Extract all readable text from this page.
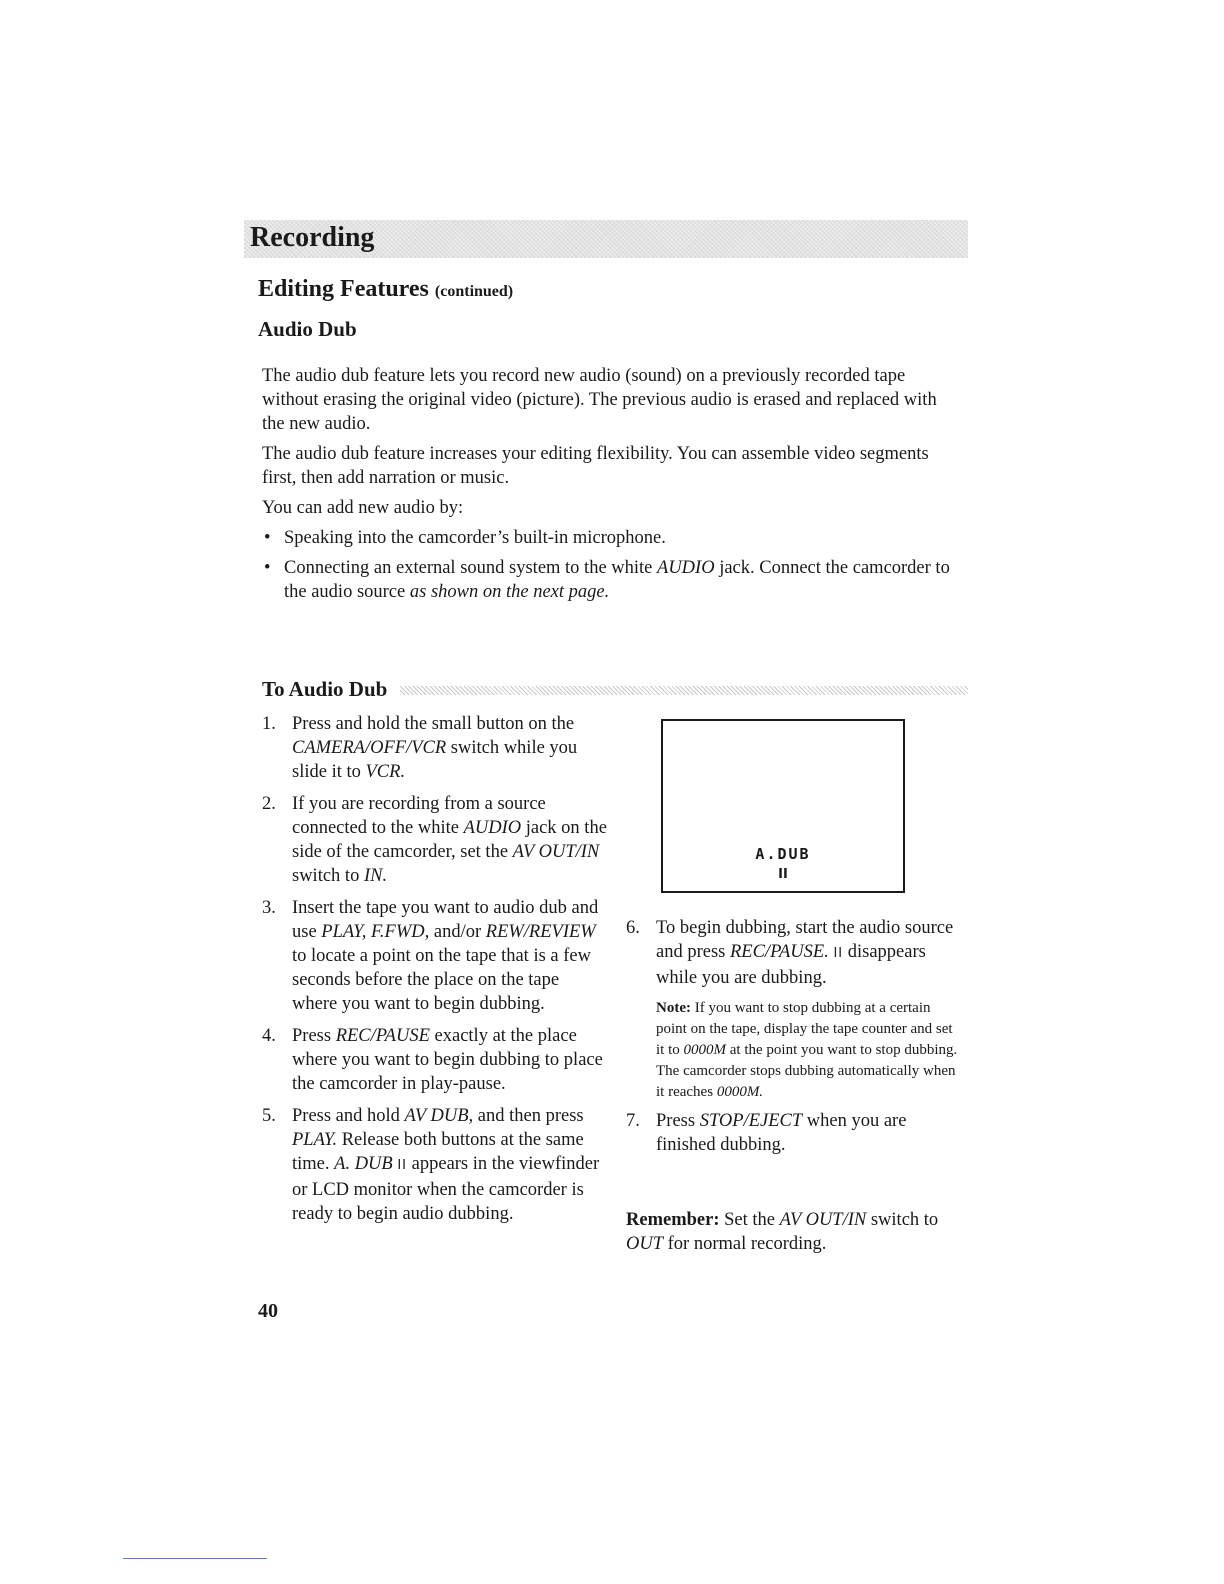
Recording
Editing Features (continued)
Audio Dub

The audio dub feature lets you record new audio (sound) on a previously recorded tape without erasing the original video (picture). The previous audio is erased and replaced with the new audio.

The audio dub feature increases your editing flexibility. You can assemble video segments first, then add narration or music.

You can add new audio by:

• Speaking into the camcorder’s built-in microphone.
• Connecting an external sound system to the white AUDIO jack. Connect the camcorder to the audio source as shown on the next page.
To Audio Dub
1. Press and hold the small button on the CAMERA/OFF/VCR switch while you slide it to VCR.
2. If you are recording from a source connected to the white AUDIO jack on the side of the camcorder, set the AV OUT/IN switch to IN.
3. Insert the tape you want to audio dub and use PLAY, F.FWD, and/or REW/REVIEW to locate a point on the tape that is a few seconds before the place on the tape where you want to begin dubbing.
4. Press REC/PAUSE exactly at the place where you want to begin dubbing to place the camcorder in play-pause.
5. Press and hold AV DUB, and then press PLAY. Release both buttons at the same time. A. DUB II appears in the viewfinder or LCD monitor when the camcorder is ready to begin audio dubbing.
A.DUB
II
6. To begin dubbing, start the audio source and press REC/PAUSE. II disappears while you are dubbing.
Note: If you want to stop dubbing at a certain point on the tape, display the tape counter and set it to 0000M at the point you want to stop dubbing. The camcorder stops dubbing automatically when it reaches 0000M.
7. Press STOP/EJECT when you are finished dubbing.
Remember: Set the AV OUT/IN switch to OUT for normal recording.
40
